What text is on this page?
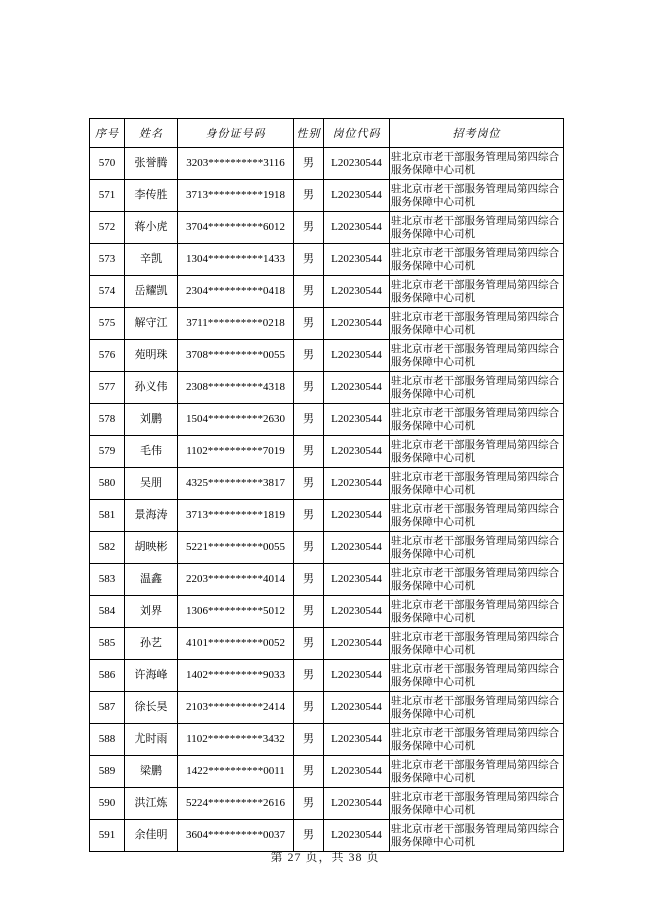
序号	姓名	身份证号码	性别	岗位代码	招考岗位
570	张誉腾	3203**********3116	男	L20230544	驻北京市老干部服务管理局第四综合服务保障中心司机
571	李传胜	3713**********1918	男	L20230544	驻北京市老干部服务管理局第四综合服务保障中心司机
572	蒋小虎	3704**********6012	男	L20230544	驻北京市老干部服务管理局第四综合服务保障中心司机
573	辛凯	1304**********1433	男	L20230544	驻北京市老干部服务管理局第四综合服务保障中心司机
574	岳耀凯	2304**********0418	男	L20230544	驻北京市老干部服务管理局第四综合服务保障中心司机
575	解守江	3711**********0218	男	L20230544	驻北京市老干部服务管理局第四综合服务保障中心司机
576	苑明珠	3708**********0055	男	L20230544	驻北京市老干部服务管理局第四综合服务保障中心司机
577	孙义伟	2308**********4318	男	L20230544	驻北京市老干部服务管理局第四综合服务保障中心司机
578	刘鹏	1504**********2630	男	L20230544	驻北京市老干部服务管理局第四综合服务保障中心司机
579	毛伟	1102**********7019	男	L20230544	驻北京市老干部服务管理局第四综合服务保障中心司机
580	吴朋	4325**********3817	男	L20230544	驻北京市老干部服务管理局第四综合服务保障中心司机
581	景海涛	3713**********1819	男	L20230544	驻北京市老干部服务管理局第四综合服务保障中心司机
582	胡映彬	5221**********0055	男	L20230544	驻北京市老干部服务管理局第四综合服务保障中心司机
583	温鑫	2203**********4014	男	L20230544	驻北京市老干部服务管理局第四综合服务保障中心司机
584	刘界	1306**********5012	男	L20230544	驻北京市老干部服务管理局第四综合服务保障中心司机
585	孙艺	4101**********0052	男	L20230544	驻北京市老干部服务管理局第四综合服务保障中心司机
586	许海峰	1402**********9033	男	L20230544	驻北京市老干部服务管理局第四综合服务保障中心司机
587	徐长昊	2103**********2414	男	L20230544	驻北京市老干部服务管理局第四综合服务保障中心司机
588	尤时雨	1102**********3432	男	L20230544	驻北京市老干部服务管理局第四综合服务保障中心司机
589	梁鹏	1422**********0011	男	L20230544	驻北京市老干部服务管理局第四综合服务保障中心司机
590	洪江炼	5224**********2616	男	L20230544	驻北京市老干部服务管理局第四综合服务保障中心司机
591	余佳明	3604**********0037	男	L20230544	驻北京市老干部服务管理局第四综合服务保障中心司机
第 27 页，共 38 页
